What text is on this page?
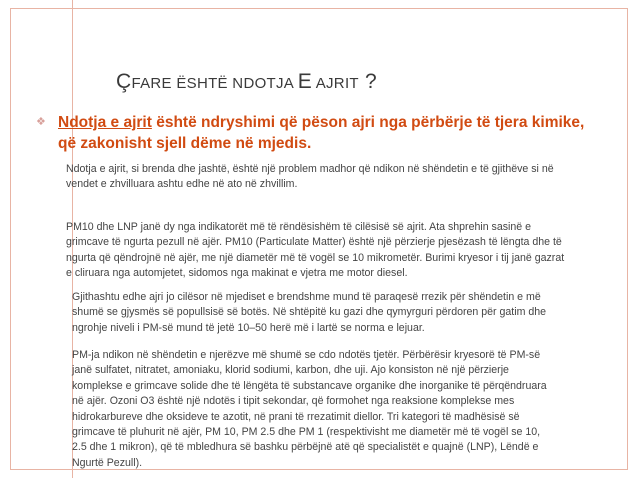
ÇFARE ËSHTË NDOTJA E AJRIT ?
❖ Ndotja e ajrit është ndryshimi që pëson ajri nga përbërje të tjera kimike, që zakonisht sjell dëme në mjedis.

Ndotja e ajrit, si brenda dhe jashtë, është një problem madhor që ndikon në shëndetin e të gjithëve si në vendet e zhvilluara ashtu edhe në ato në zhvillim.

PM10 dhe LNP janë dy nga indikatorët më të rëndësishëm të cilësisë së ajrit. Ata shprehin sasinë e grimcave të ngurta pezull në ajër. PM10 (Particulate Matter) është një përzierje pjesëzash të lëngta dhe të ngurta që qëndrojnë në ajër, me një diametër më të vogël se 10 mikrometër. Burimi kryesor i tij janë gazrat e cliruara nga automjetet, sidomos nga makinat e vjetra me motor diesel.

Gjithashtu edhe ajri jo cilësor në mjediset e brendshme mund të paraqesë rrezik për shëndetin e më shumë se gjysmës së popullsisë së botës. Në shtëpitë ku gazi dhe qymyrguri përdoren për gatim dhe ngrohje niveli i PM-së mund të jetë 10–50 herë më i lartë se norma e lejuar.

PM-ja ndikon në shëndetin e njerëzve më shumë se cdo ndotës tjetër. Përbërësir kryesorë të PM-së janë sulfatet, nitratet, amoniaku, klorid sodiumi, karbon, dhe uji. Ajo konsiston në një përzierje komplekse e grimcave solide dhe të lëngëta të substancave organike dhe inorganike të përqëndruara në ajër. Ozoni O3 është një ndotës i tipit sekondar, që formohet nga reaksione komplekse mes hidrokarbureve dhe oksideve te azotit, në prani të rrezatimit diellor. Tri kategori të madhësisë së grimcave të pluhurit në ajër, PM 10, PM 2.5 dhe PM 1 (respektivisht me diametër më të vogël se 10, 2.5 dhe 1 mikron), që të mbledhura së bashku përbëjnë atë që specialistët e quajnë (LNP), Lëndë e Ngurtë Pezull).
